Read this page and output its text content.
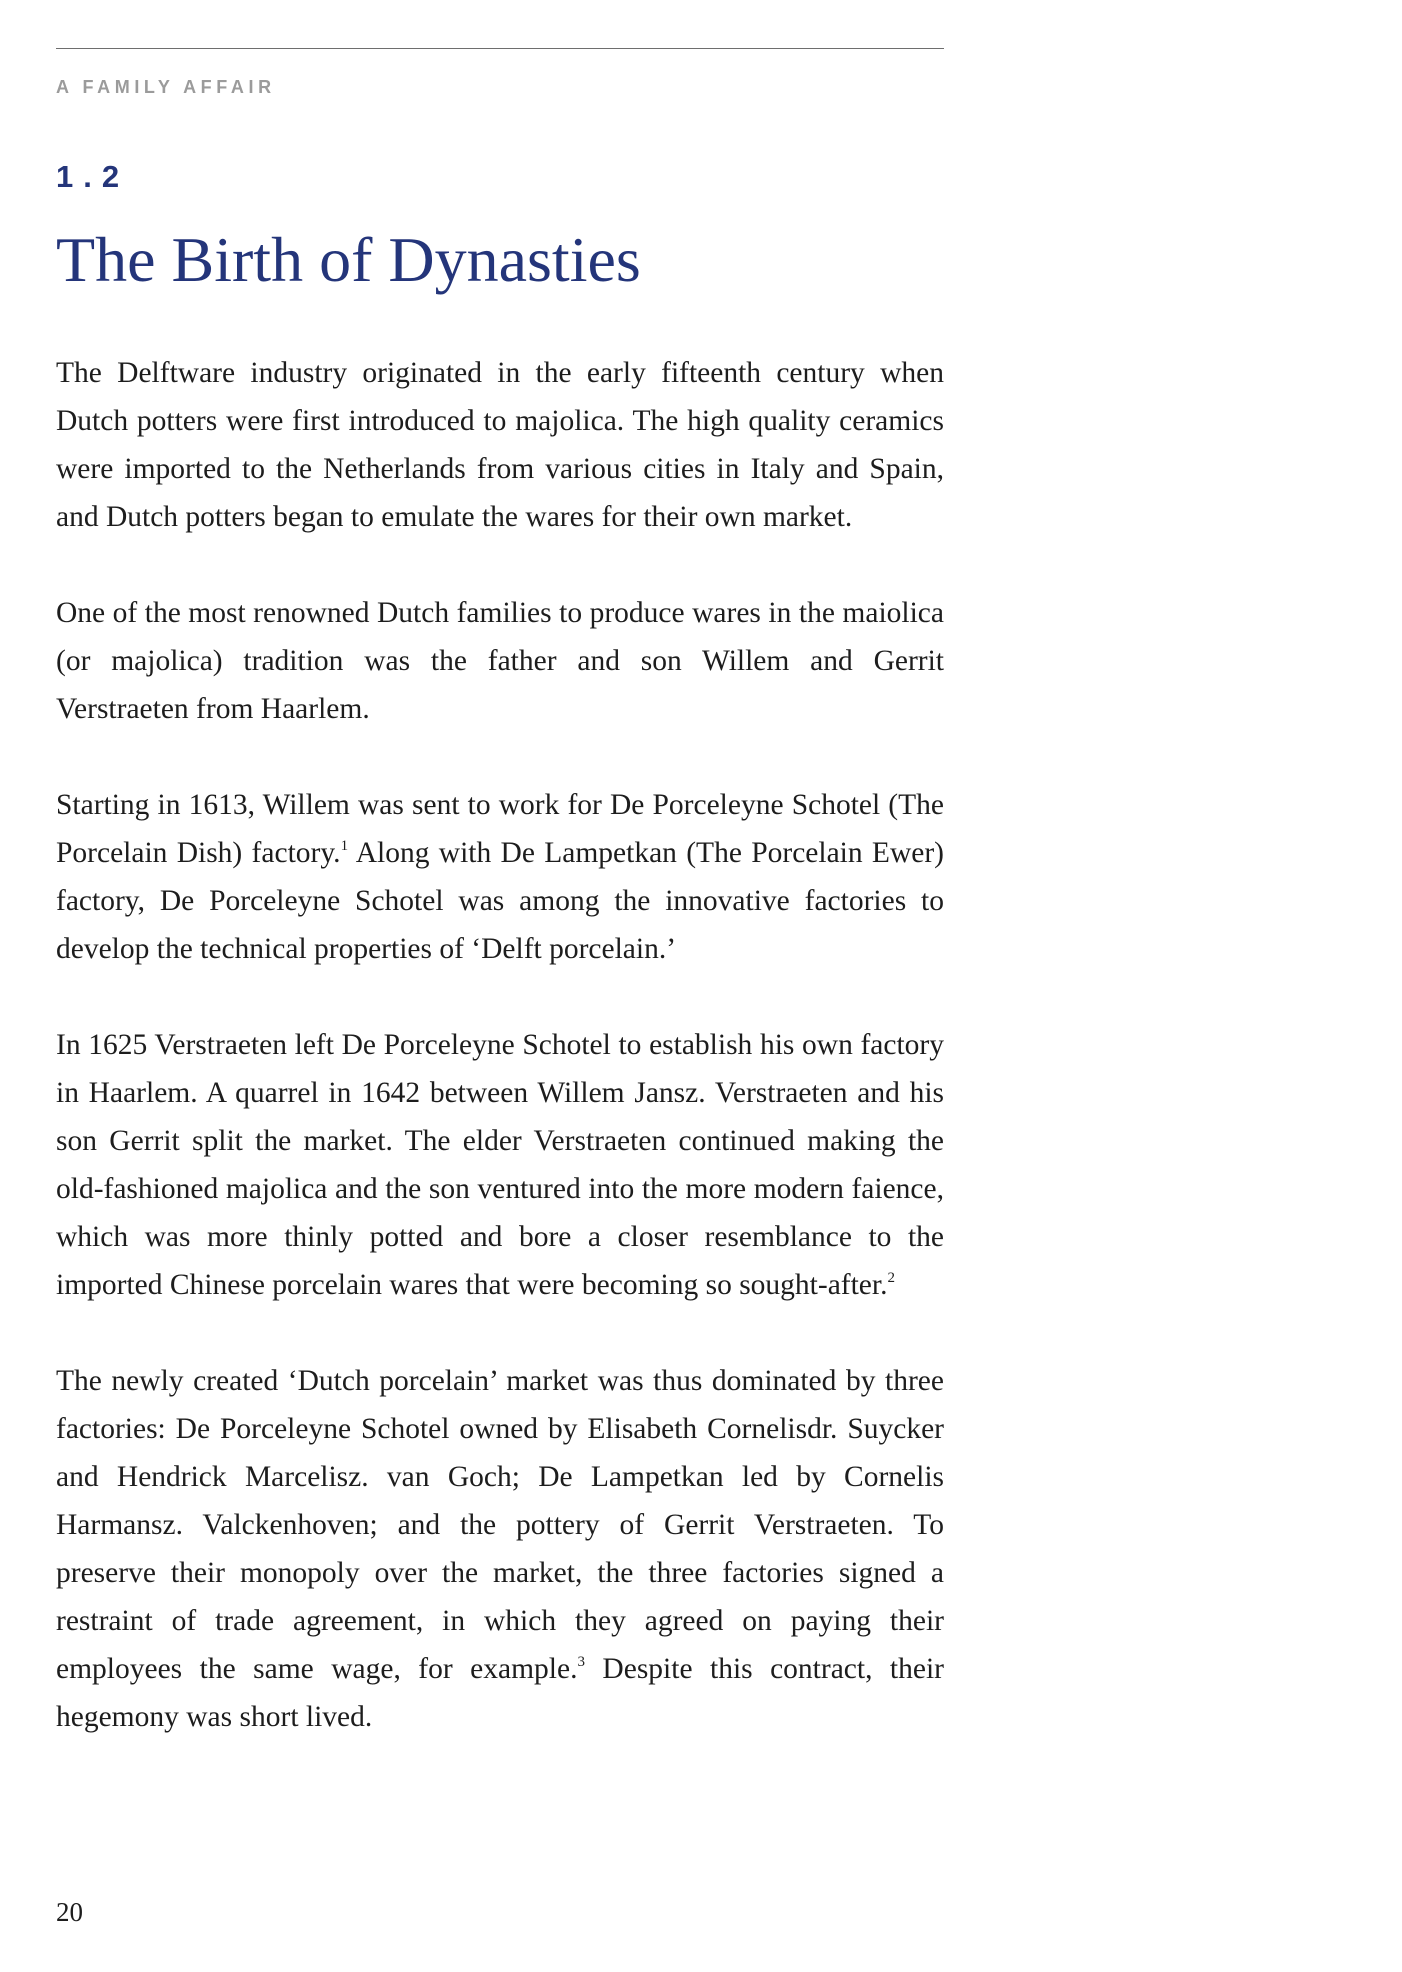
A FAMILY AFFAIR
1.2
The Birth of Dynasties

The Delftware industry originated in the early fifteenth century when Dutch potters were first introduced to majolica. The high quality ceramics were imported to the Netherlands from various cities in Italy and Spain, and Dutch potters began to emulate the wares for their own market.

One of the most renowned Dutch families to produce wares in the maiolica (or majolica) tradition was the father and son Willem and Gerrit Verstraeten from Haarlem.

Starting in 1613, Willem was sent to work for De Porceleyne Schotel (The Porcelain Dish) factory.$^1$ Along with De Lampetkan (The Porcelain Ewer) factory, De Porceleyne Schotel was among the innovative factories to develop the technical properties of ‘Delft porcelain.’

In 1625 Verstraeten left De Porceleyne Schotel to establish his own factory in Haarlem. A quarrel in 1642 between Willem Jansz. Verstraeten and his son Gerrit split the market. The elder Verstraeten continued making the old-fashioned majolica and the son ventured into the more modern faience, which was more thinly potted and bore a closer resemblance to the imported Chinese porcelain wares that were becoming so sought-after.$^2$

The newly created ‘Dutch porcelain’ market was thus dominated by three factories: De Porceleyne Schotel owned by Elisabeth Cornelisdr. Suycker and Hendrick Marcelisz. van Goch; De Lampetkan led by Cornelis Harmansz. Valckenhoven; and the pottery of Gerrit Verstraeten. To preserve their monopoly over the market, the three factories signed a restraint of trade agreement, in which they agreed on paying their employees the same wage, for example.$^3$ Despite this contract, their hegemony was short lived.

20
